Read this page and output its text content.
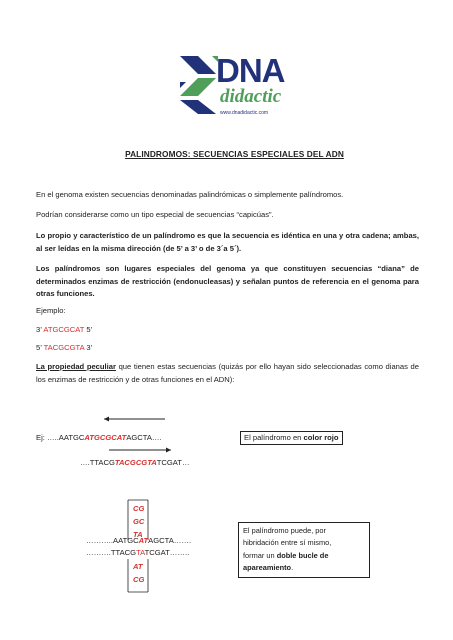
DNA
didactic
www.dnadidactic.com
PALINDROMOS: SECUENCIAS ESPECIALES DEL ADN
En el genoma existen secuencias denominadas palindrómicas o simplemente palíndromos.
Podrían considerarse como un tipo especial de secuencias “capicúas”.
Lo propio y característico de un palíndromo es que la secuencia es idéntica en una y otra cadena; ambas, al ser leídas en la misma dirección (de 5’ a 3’ o de 3´a 5´).
Los palíndromos son lugares especiales del genoma ya que constituyen secuencias “diana” de determinados enzimas de restricción (endonucleasas) y señalan puntos de referencia en el genoma para otras funciones.
Ejemplo:
3’ ATGCGCAT 5’
5’ TACGCGTA 3’
La propiedad peculiar que tienen estas secuencias (quizás por ello hayan sido seleccionadas como dianas de los enzimas de restricción y de otras funciones en el ADN):
Ej: …..AATGCATGCGCATAGCTA….
….TTACGTACGCGTATCGAT…
El palíndromo en color rojo
CG
GC
TA
………..AATGCATAGCTA…….
……….TTACGTATCGAT……..
AT
CG
El palíndromo puede, por
hibridación entre sí mismo,
formar un doble bucle de
apareamiento.
